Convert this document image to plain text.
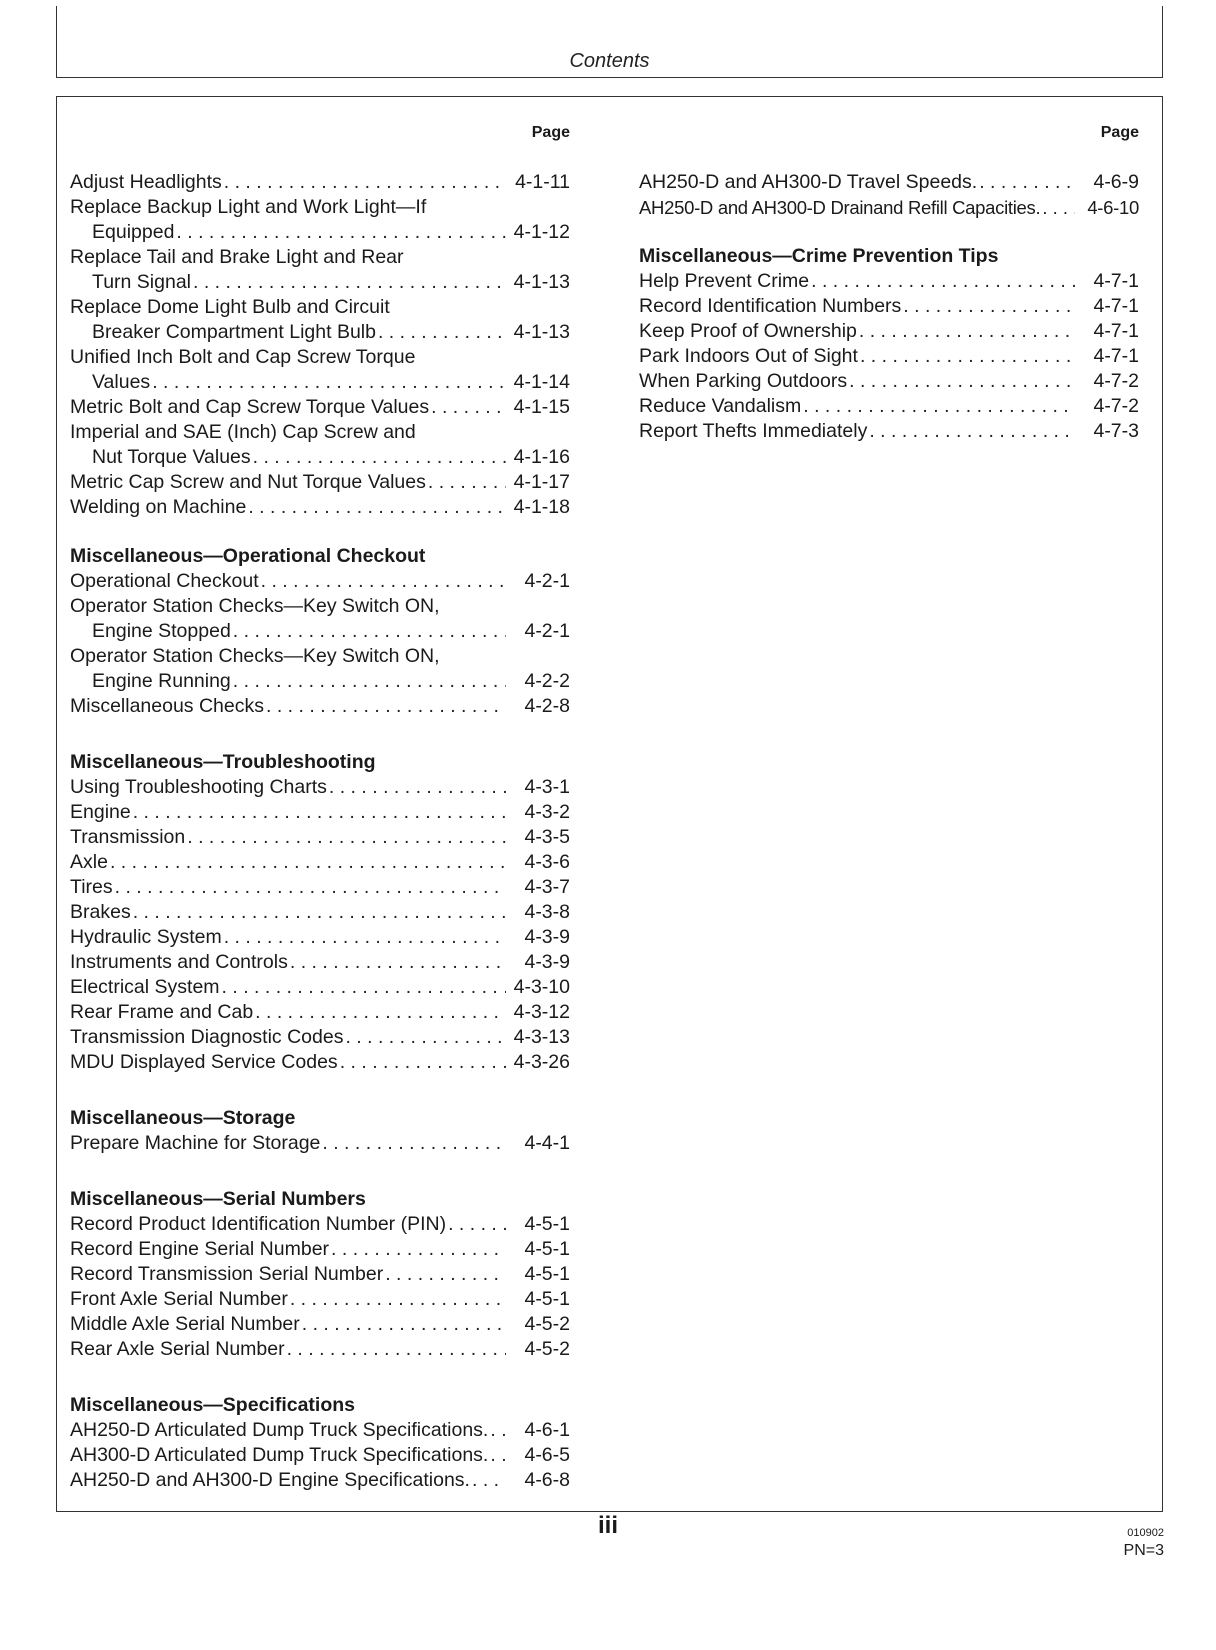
Contents
Page
Adjust Headlights . . .	4-1-11
Replace Backup Light and Work Light—If
Equipped . . .	4-1-12
Replace Tail and Brake Light and Rear
Turn Signal . . .	4-1-13
Replace Dome Light Bulb and Circuit
Breaker Compartment Light Bulb . . .	4-1-13
Unified Inch Bolt and Cap Screw Torque
Values . . .	4-1-14
Metric Bolt and Cap Screw Torque Values . . .	4-1-15
Imperial and SAE (Inch) Cap Screw and
Nut Torque Values . . .	4-1-16
Metric Cap Screw and Nut Torque Values . . .	4-1-17
Welding on Machine . . .	4-1-18
Miscellaneous—Operational Checkout
Operational Checkout . . .	4-2-1
Operator Station Checks—Key Switch ON,
Engine Stopped . . .	4-2-1
Operator Station Checks—Key Switch ON,
Engine Running . . .	4-2-2
Miscellaneous Checks . . .	4-2-8
Miscellaneous—Troubleshooting
Using Troubleshooting Charts . . .	4-3-1
Engine . . .	4-3-2
Transmission . . .	4-3-5
Axle . . .	4-3-6
Tires . . .	4-3-7
Brakes . . .	4-3-8
Hydraulic System . . .	4-3-9
Instruments and Controls . . .	4-3-9
Electrical System . . .	4-3-10
Rear Frame and Cab . . .	4-3-12
Transmission Diagnostic Codes . . .	4-3-13
MDU Displayed Service Codes . . .	4-3-26
Miscellaneous—Storage
Prepare Machine for Storage . . .	4-4-1
Miscellaneous—Serial Numbers
Record Product Identification Number (PIN) . . .	4-5-1
Record Engine Serial Number . . .	4-5-1
Record Transmission Serial Number . . .	4-5-1
Front Axle Serial Number . . .	4-5-1
Middle Axle Serial Number . . .	4-5-2
Rear Axle Serial Number . . .	4-5-2
Miscellaneous—Specifications
AH250-D Articulated Dump Truck Specifications. . . .	4-6-1
AH300-D Articulated Dump Truck Specifications. . . .	4-6-5
AH250-D and AH300-D Engine Specifications. . . .	4-6-8
Page
AH250-D and AH300-D Travel Speeds. . . .	4-6-9
AH250-D and AH300-D Drainand Refill Capacities. . . .	4-6-10
Miscellaneous—Crime Prevention Tips
Help Prevent Crime . . .	4-7-1
Record Identification Numbers . . .	4-7-1
Keep Proof of Ownership . . .	4-7-1
Park Indoors Out of Sight . . .	4-7-1
When Parking Outdoors . . .	4-7-2
Reduce Vandalism . . .	4-7-2
Report Thefts Immediately . . .	4-7-3
iii	010902
PN=3
